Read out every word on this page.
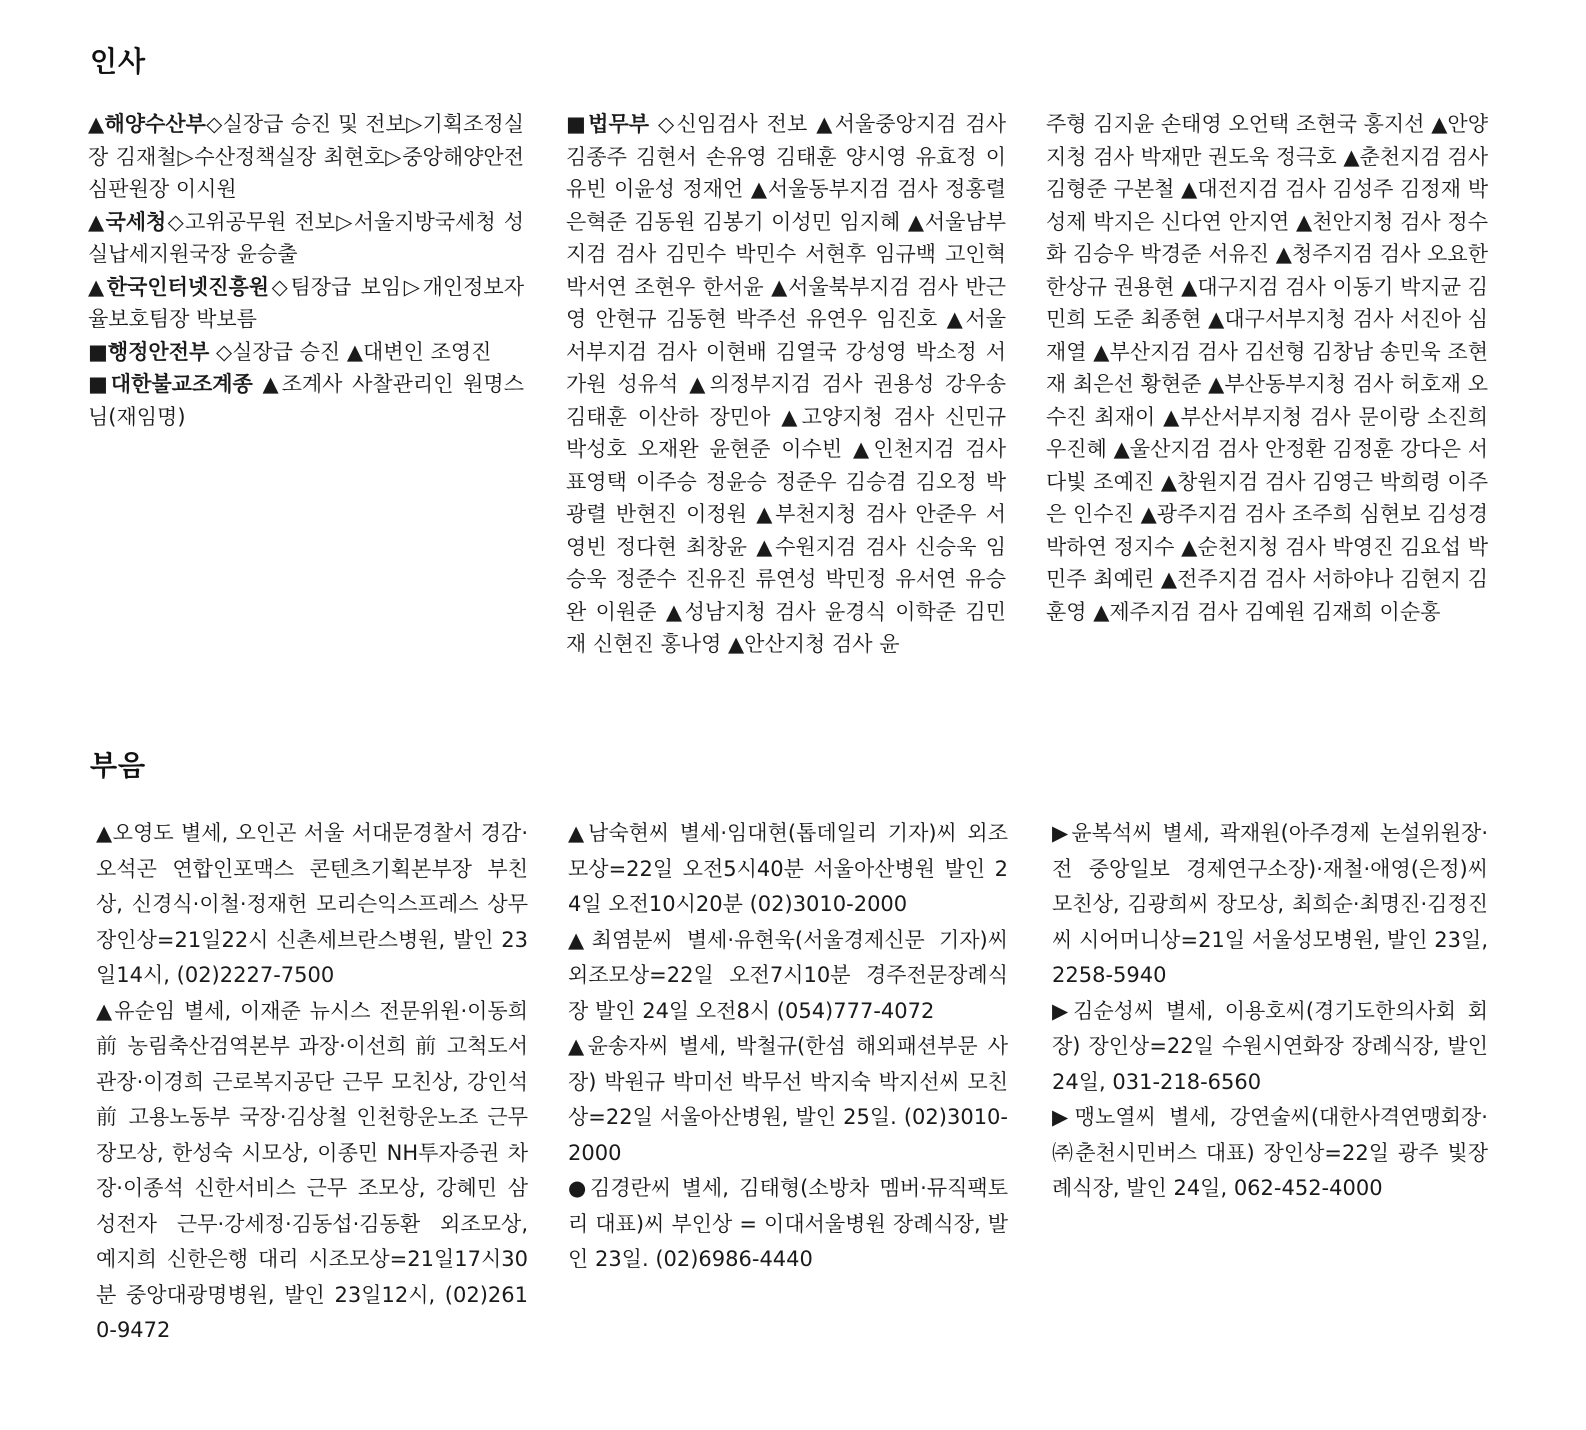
인사

▲해양수산부◇실장급 승진 및 전보▷기획조정실장 김재철▷수산정책실장 최현호▷중앙해양안전심판원장 이시원

▲국세청◇고위공무원 전보▷서울지방국세청 성실납세지원국장 윤승출

▲한국인터넷진흥원◇팀장급 보임▷개인정보자율보호팀장 박보름

■행정안전부 ◇실장급 승진 ▲대변인 조영진

■대한불교조계종 ▲조계사 사찰관리인 원명스님(재임명)

■법무부 ◇신임검사 전보 ▲서울중앙지검 검사 김종주 김현서 손유영 김태훈 양시영 유효정 이유빈 이윤성 정재언 ▲서울동부지검 검사 정홍렬 은혁준 김동원 김봉기 이성민 임지혜 ▲서울남부지검 검사 김민수 박민수 서현후 임규백 고인혁 박서연 조현우 한서윤 ▲서울북부지검 검사 반근영 안현규 김동현 박주선 유연우 임진호 ▲서울서부지검 검사 이현배 김열국 강성영 박소정 서가원 성유석 ▲의정부지검 검사 권용성 강우송 김태훈 이산하 장민아 ▲고양지청 검사 신민규 박성호 오재완 윤현준 이수빈 ▲인천지검 검사 표영택 이주승 정윤승 정준우 김승겸 김오정 박광렬 반현진 이정원 ▲부천지청 검사 안준우 서영빈 정다현 최창윤 ▲수원지검 검사 신승욱 임승욱 정준수 진유진 류연성 박민정 유서연 유승완 이원준 ▲성남지청 검사 윤경식 이학준 김민재 신현진 홍나영 ▲안산지청 검사 윤

주형 김지윤 손태영 오언택 조현국 홍지선 ▲안양지청 검사 박재만 권도욱 정극호 ▲춘천지검 검사 김형준 구본철 ▲대전지검 검사 김성주 김정재 박성제 박지은 신다연 안지연 ▲천안지청 검사 정수화 김승우 박경준 서유진 ▲청주지검 검사 오요한 한상규 권용현 ▲대구지검 검사 이동기 박지균 김민희 도준 최종현 ▲대구서부지청 검사 서진아 심재열 ▲부산지검 검사 김선형 김창남 송민욱 조현재 최은선 황현준 ▲부산동부지청 검사 허호재 오수진 최재이 ▲부산서부지청 검사 문이랑 소진희 우진혜 ▲울산지검 검사 안정환 김정훈 강다은 서다빛 조예진 ▲창원지검 검사 김영근 박희령 이주은 인수진 ▲광주지검 검사 조주희 심현보 김성경 박하연 정지수 ▲순천지청 검사 박영진 김요섭 박민주 최예린 ▲전주지검 검사 서하야나 김현지 김훈영 ▲제주지검 검사 김예원 김재희 이순홍

부음

▲오영도 별세, 오인곤 서울 서대문경찰서 경감·오석곤 연합인포맥스 콘텐츠기획본부장 부친상, 신경식·이철·정재헌 모리슨익스프레스 상무 장인상=21일22시 신촌세브란스병원, 발인 23일14시, (02)2227-7500

▲유순임 별세, 이재준 뉴시스 전문위원·이동희 前 농림축산검역본부 과장·이선희 前 고척도서관장·이경희 근로복지공단 근무 모친상, 강인석 前 고용노동부 국장·김상철 인천항운노조 근무 장모상, 한성숙 시모상, 이종민 NH투자증권 차장·이종석 신한서비스 근무 조모상, 강혜민 삼성전자 근무·강세정·김동섭·김동환 외조모상, 예지희 신한은행 대리 시조모상=21일17시30분 중앙대광명병원, 발인 23일12시, (02)2610-9472

▲남숙현씨 별세·임대현(톱데일리 기자)씨 외조모상=22일 오전5시40분 서울아산병원 발인 24일 오전10시20분 (02)3010-2000

▲최염분씨 별세·유현욱(서울경제신문 기자)씨 외조모상=22일 오전7시10분 경주전문장례식장 발인 24일 오전8시 (054)777-4072

▲윤송자씨 별세, 박철규(한섬 해외패션부문 사장) 박원규 박미선 박무선 박지숙 박지선씨 모친상=22일 서울아산병원, 발인 25일. (02)3010-2000

●김경란씨 별세, 김태형(소방차 멤버·뮤직팩토리 대표)씨 부인상 = 이대서울병원 장례식장, 발인 23일. (02)6986-4440

▶윤복석씨 별세, 곽재원(아주경제 논설위원장·전 중앙일보 경제연구소장)·재철·애영(은정)씨 모친상, 김광희씨 장모상, 최희순·최명진·김정진씨 시어머니상=21일 서울성모병원, 발인 23일, 2258-5940

▶김순성씨 별세, 이용호씨(경기도한의사회 회장) 장인상=22일 수원시연화장 장례식장, 발인 24일, 031-218-6560

▶맹노열씨 별세, 강연술씨(대한사격연맹회장·㈜춘천시민버스 대표) 장인상=22일 광주 빛장례식장, 발인 24일, 062-452-4000
